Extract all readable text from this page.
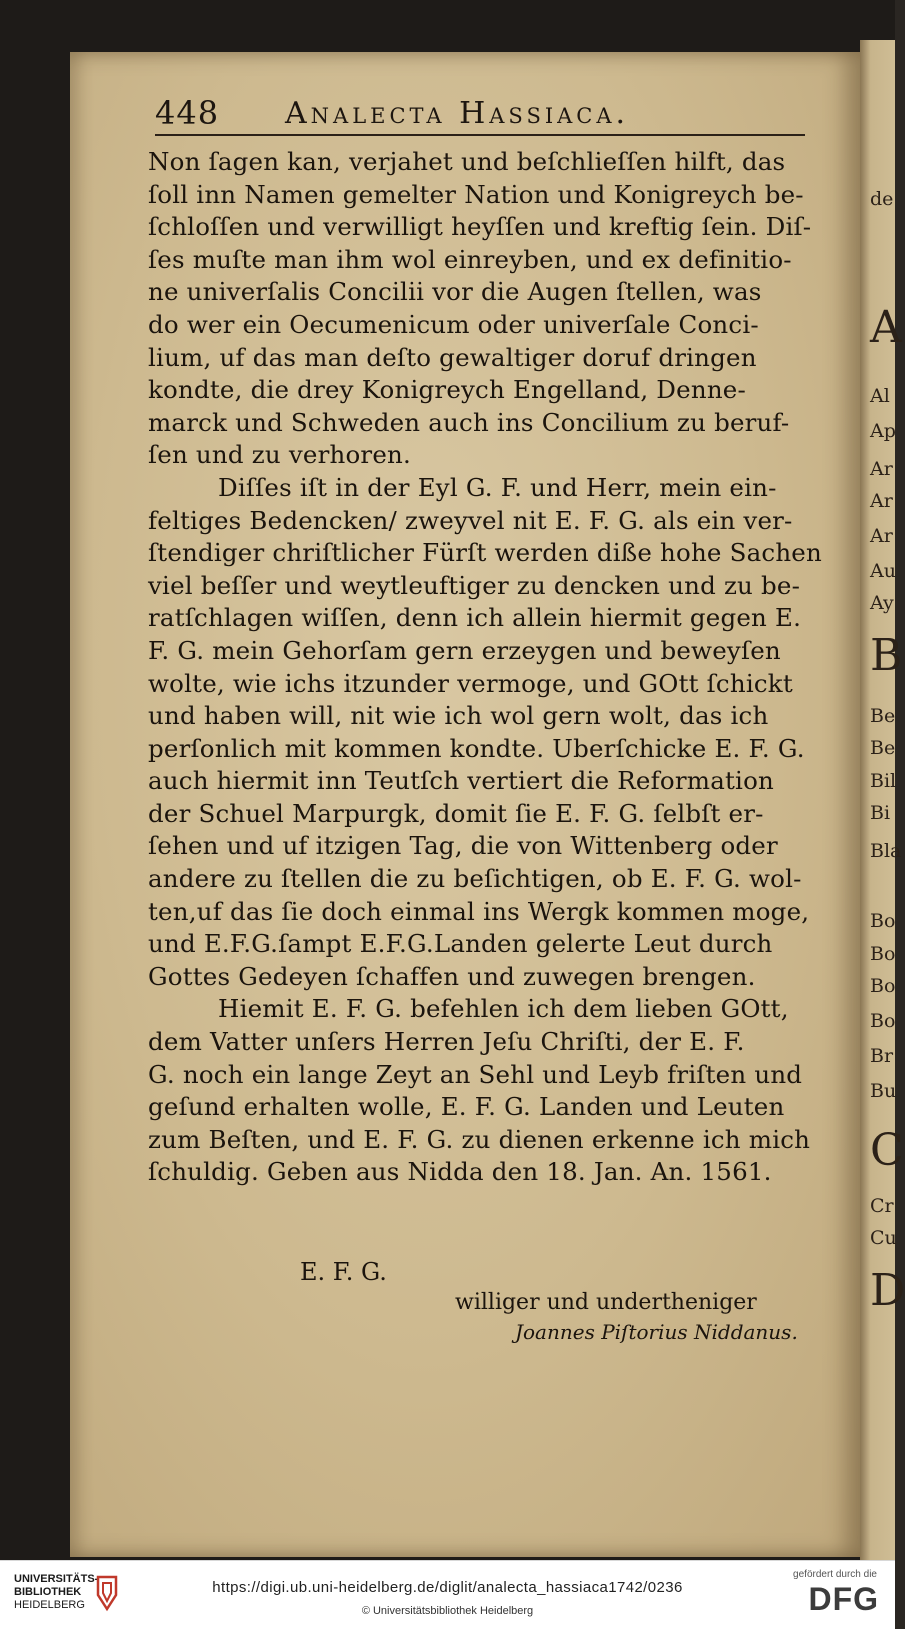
de
A
Al
Ap
Ar
Ar
Ar
Au
Ay
B
Be
Be
Bil
Bi
Bla
Bo
Bo
Bo
Bo
Br
Bu
C
Cr
Cu
D
448 Analecta Hassiaca.
Non ſagen kan, verjahet und beſchlieſſen hilft, das
ſoll inn Namen gemelter Nation und Konigreych be-
ſchloſſen und verwilligt heyſſen und kreftig ſein. Diſ-
ſes muſte man ihm wol einreyben, und ex definitio-
ne univerſalis Concilii vor die Augen ſtellen, was
do wer ein Oecumenicum oder univerſale Conci-
lium, uf das man deſto gewaltiger doruf dringen
kondte, die drey Konigreych Engelland, Denne-
marck und Schweden auch ins Concilium zu beruf-
ſen und zu verhoren.
Diſſes iſt in der Eyl G. F. und Herr, mein ein-
feltiges Bedencken/ zweyvel nit E. F. G. als ein ver-
ſtendiger chriſtlicher Fürſt werden diße hohe Sachen
viel beſſer und weytleuftiger zu dencken und zu be-
ratſchlagen wiſſen, denn ich allein hiermit gegen E.
F. G. mein Gehorſam gern erzeygen und beweyſen
wolte, wie ichs itzunder vermoge, und GOtt ſchickt
und haben will, nit wie ich wol gern wolt, das ich
perſonlich mit kommen kondte. Uberſchicke E. F. G.
auch hiermit inn Teutſch vertiert die Reformation
der Schuel Marpurgk, domit ſie E. F. G. ſelbſt er-
ſehen und uf itzigen Tag, die von Wittenberg oder
andere zu ſtellen die zu beſichtigen, ob E. F. G. wol-
ten,uf das ſie doch einmal ins Wergk kommen moge,
und E.F.G.ſampt E.F.G.Landen gelerte Leut durch
Gottes Gedeyen ſchaffen und zuwegen brengen.
Hiemit E. F. G. befehlen ich dem lieben GOtt,
dem Vatter unſers Herren Jeſu Chriſti, der E. F.
G. noch ein lange Zeyt an Sehl und Leyb friſten und
geſund erhalten wolle, E. F. G. Landen und Leuten
zum Beſten, und E. F. G. zu dienen erkenne ich mich
ſchuldig. Geben aus Nidda den 18. Jan. An. 1561.
E. F. G.
williger und undertheniger
Joannes Piſtorius Niddanus.
UNIVERSITÄTS-
BIBLIOTHEK
HEIDELBERG
https://digi.ub.uni-heidelberg.de/diglit/analecta_hassiaca1742/0236
© Universitätsbibliothek Heidelberg
gefördert durch die
DFG
